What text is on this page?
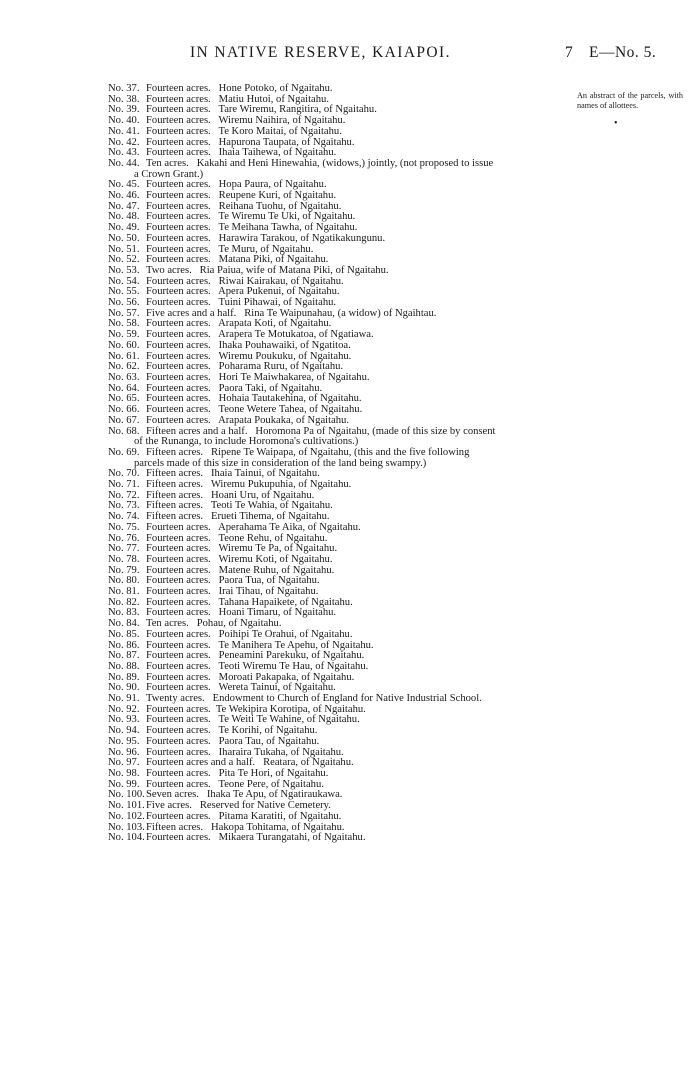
IN NATIVE RESERVE, KAIAPOI.	7 E—No. 5.
An abstract of the parcels, with names of allottees.
•
No. 37. Fourteen acres.   Hone Potoko, of Ngaitahu.
No. 38. Fourteen acres.   Matiu Hutoi, of Ngaitahu.
No. 39. Fourteen acres.   Tare Wiremu, Rangitira, of Ngaitahu.
No. 40. Fourteen acres.   Wiremu Naihira, of Ngaitahu.
No. 41. Fourteen acres.   Te Koro Maitai, of Ngaitahu.
No. 42. Fourteen acres.   Hapurona Taupata, of Ngaitahu.
No. 43. Fourteen acres.   Ihaia Taihewa, of Ngaitahu.
No. 44. Ten acres.   Kakahi and Heni Hinewahia, (widows,) jointly, (not proposed to issue
a Crown Grant.)
No. 45. Fourteen acres.   Hopa Paura, of Ngaitahu.
No. 46. Fourteen acres.   Reupene Kuri, of Ngaitahu.
No. 47. Fourteen acres.   Reihana Tuohu, of Ngaitahu.
No. 48. Fourteen acres.   Te Wiremu Te Uki, of Ngaitahu.
No. 49. Fourteen acres.   Te Meihana Tawha, of Ngaitahu.
No. 50. Fourteen acres.   Harawira Tarakou, of Ngatikakungunu.
No. 51. Fourteen acres.   Te Muru, of Ngaitahu.
No. 52. Fourteen acres.   Matana Piki, of Ngaitahu.
No. 53. Two acres.   Ria Paiua, wife of Matana Piki, of Ngaitahu.
No. 54. Fourteen acres.   Riwai Kairakau, of Ngaitahu.
No. 55. Fourteen acres.   Apera Pukenui, of Ngaitahu.
No. 56. Fourteen acres.   Tuini Pihawai, of Ngaitahu.
No. 57. Five acres and a half.   Rina Te Waipunahau, (a widow) of Ngaihtau.
No. 58. Fourteen acres.   Arapata Koti, of Ngaitahu.
No. 59. Fourteen acres.   Arapera Te Motukatoa, of Ngatiawa.
No. 60. Fourteen acres.   Ihaka Pouhawaiki, of Ngatitoa.
No. 61. Fourteen acres.   Wiremu Poukuku, of Ngaitahu.
No. 62. Fourteen acres.   Poharama Ruru, of Ngaitahu.
No. 63. Fourteen acres.   Hori Te Maiwhakarea, of Ngaitahu.
No. 64. Fourteen acres.   Paora Taki, of Ngaitahu.
No. 65. Fourteen acres.   Hohaia Tautakehina, of Ngaitahu.
No. 66. Fourteen acres.   Teone Wetere Tahea, of Ngaitahu.
No. 67. Fourteen acres.   Arapata Poukaka, of Ngaitahu.
No. 68. Fifteen acres and a half.   Horomona Pa of Ngaitahu, (made of this size by consent
of the Runanga, to include Horomona's cultivations.)
No. 69. Fifteen acres.   Ripene Te Waipapa, of Ngaitahu, (this and the five following
parcels made of this size in consideration of the land being swampy.)
No. 70. Fifteen acres.   Ihaia Tainui, of Ngaitahu.
No. 71. Fifteen acres.   Wiremu Pukupuhia, of Ngaitahu.
No. 72. Fifteen acres.   Hoani Uru, of Ngaitahu.
No. 73. Fifteen acres.   Teoti Te Wahia, of Ngaitahu.
No. 74. Fifteen acres.   Erueti Tihema, of Ngaitahu.
No. 75. Fourteen acres.   Aperahama Te Aika, of Ngaitahu.
No. 76. Fourteen acres.   Teone Rehu, of Ngaitahu.
No. 77. Fourteen acres.   Wiremu Te Pa, of Ngaitahu.
No. 78. Fourteen acres.   Wiremu Koti, of Ngaitahu.
No. 79. Fourteen acres.   Matene Ruhu, of Ngaitahu.
No. 80. Fourteen acres.   Paora Tua, of Ngaitahu.
No. 81. Fourteen acres.   Irai Tihau, of Ngaitahu.
No. 82. Fourteen acres.   Tahana Hapaikete, of Ngaitahu.
No. 83. Fourteen acres.   Hoani Timaru, of Ngaitahu.
No. 84. Ten acres.   Pohau, of Ngaitahu.
No. 85. Fourteen acres.   Poihipi Te Orahui, of Ngaitahu.
No. 86. Fourteen acres.   Te Manihera Te Apehu, of Ngaitahu.
No. 87. Fourteen acres.   Peneamini Parekuku, of Ngaitahu.
No. 88. Fourteen acres.   Teoti Wiremu Te Hau, of Ngaitahu.
No. 89. Fourteen acres.   Moroati Pakapaka, of Ngaitahu.
No. 90. Fourteen acres.   Wereta Tainui, of Ngaitahu.
No. 91. Twenty acres.   Endowment to Church of England for Native Industrial School.
No. 92. Fourteen acres.  Te Wekipira Korotipa, of Ngaitahu.
No. 93. Fourteen acres.   Te Weiti Te Wahine, of Ngaitahu.
No. 94. Fourteen acres.   Te Korihi, of Ngaitahu.
No. 95. Fourteen acres.   Paora Tau, of Ngaitahu.
No. 96. Fourteen acres.   Iharaira Tukaha, of Ngaitahu.
No. 97. Fourteen acres and a half.   Reatara, of Ngaitahu.
No. 98. Fourteen acres.   Pita Te Hori, of Ngaitahu.
No. 99. Fourteen acres.   Teone Pere, of Ngaitahu.
No. 100.Seven acres.   Ihaka Te Apu, of Ngatiraukawa.
No. 101.Five acres.   Reserved for Native Cemetery.
No. 102.Fourteen acres.   Pitama Karatiti, of Ngaitahu.
No. 103.Fifteen acres.   Hakopa Tohitama, of Ngaitahu.
No. 104.Fourteen acres.   Mikaera Turangatahi, of Ngaitahu.
